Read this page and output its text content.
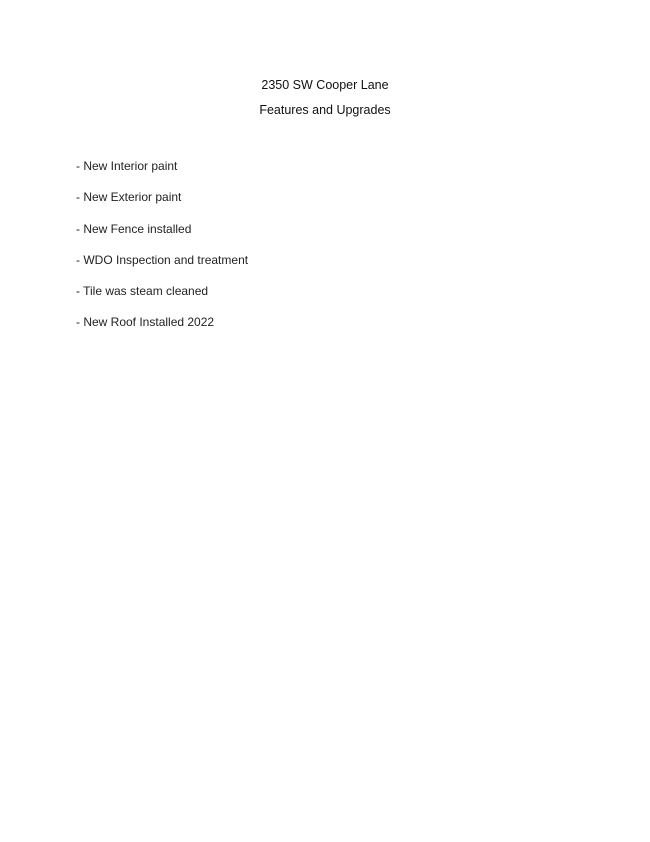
2350 SW Cooper Lane
Features and Upgrades
- New Interior paint
- New Exterior paint
- New Fence installed
- WDO Inspection and treatment
- Tile was steam cleaned
- New Roof Installed 2022
